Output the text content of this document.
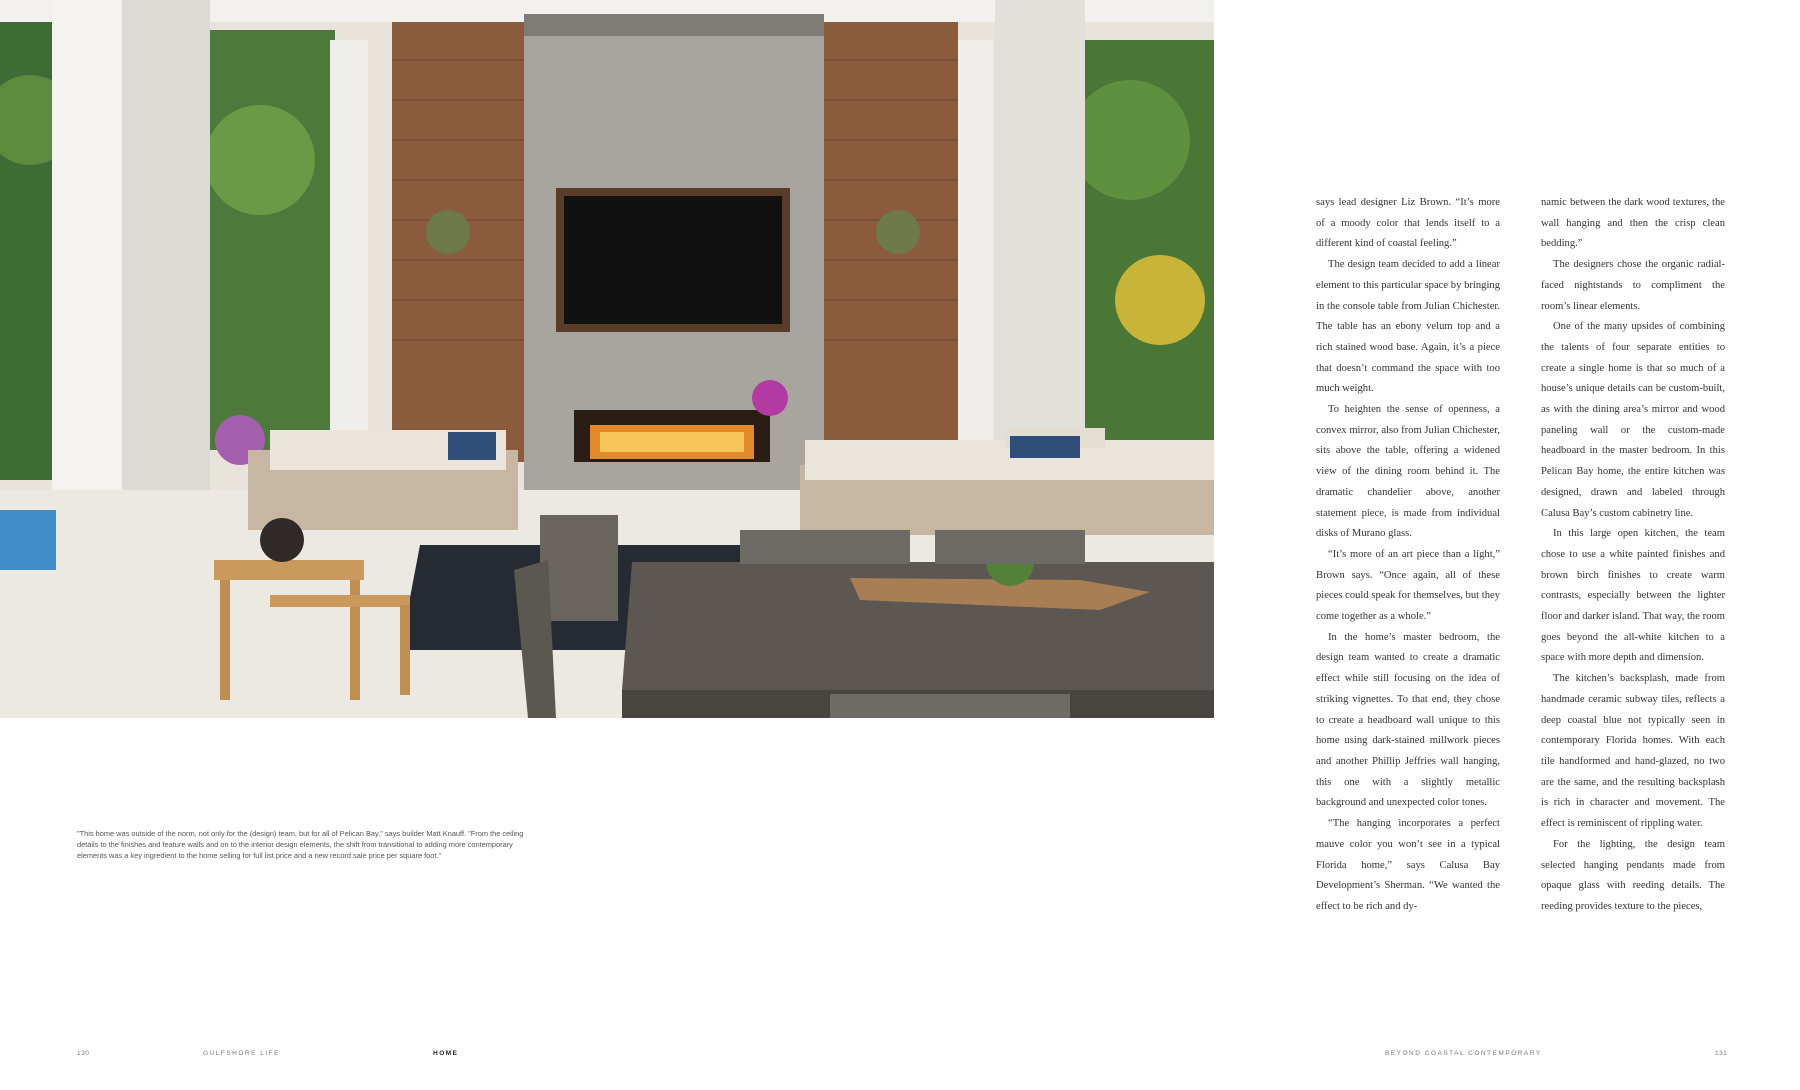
"This home was outside of the norm, not only for the (design) team, but for all of Pelican Bay," says builder Matt Knauff. "From the ceiling details to the finishes and feature walls and on to the interior design elements, the shift from transitional to adding more contemporary elements was a key ingredient to the home selling for full list price and a new record sale price per square foot."

says lead designer Liz Brown. “It’s more of a moody color that lends itself to a different kind of coastal feeling.”

The design team decided to add a linear element to this particular space by bringing in the console table from Julian Chichester. The table has an ebony velum top and a rich stained wood base. Again, it’s a piece that doesn’t command the space with too much weight.

To heighten the sense of openness, a convex mirror, also from Julian Chichester, sits above the table, offering a widened view of the dining room behind it. The dramatic chandelier above, another statement piece, is made from individual disks of Murano glass.

“It’s more of an art piece than a light,” Brown says. “Once again, all of these pieces could speak for themselves, but they come together as a whole.”

In the home’s master bedroom, the design team wanted to create a dramatic effect while still focusing on the idea of striking vignettes. To that end, they chose to create a headboard wall unique to this home using dark-stained millwork pieces and another Phillip Jeffries wall hanging, this one with a slightly metallic background and unexpected color tones.

“The hanging incorporates a perfect mauve color you won’t see in a typical Florida home,” says Calusa Bay Development’s Sherman. “We wanted the effect to be rich and dy-

namic between the dark wood textures, the wall hanging and then the crisp clean bedding.”

The designers chose the organic radial-faced nightstands to compliment the room’s linear elements.

One of the many upsides of combining the talents of four separate entities to create a single home is that so much of a house’s unique details can be custom-built, as with the dining area’s mirror and wood paneling wall or the custom-made headboard in the master bedroom. In this Pelican Bay home, the entire kitchen was designed, drawn and labeled through Calusa Bay’s custom cabinetry line.

In this large open kitchen, the team chose to use a white painted finishes and brown birch finishes to create warm contrasts, especially between the lighter floor and darker island. That way, the room goes beyond the all-white kitchen to a space with more depth and dimension.

The kitchen’s backsplash, made from handmade ceramic subway tiles, reflects a deep coastal blue not typically seen in contemporary Florida homes. With each tile handformed and hand-glazed, no two are the same, and the resulting backsplash is rich in character and movement. The effect is reminiscent of rippling water.

For the lighting, the design team selected hanging pendants made from opaque glass with reeding details. The reeding provides texture to the pieces,

130	GULFSHORE LIFE	HOME	BEYOND COASTAL CONTEMPORARY	131
